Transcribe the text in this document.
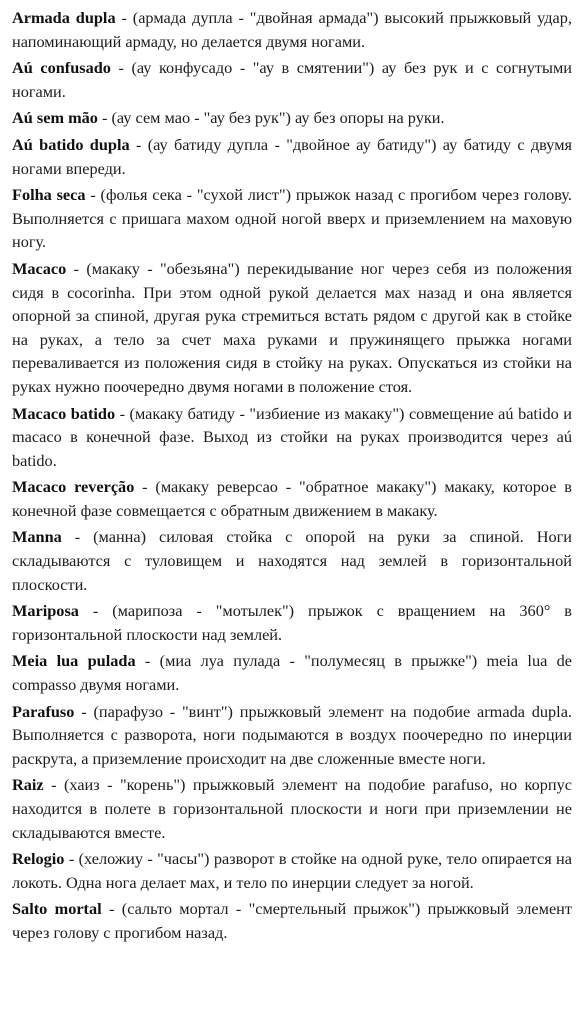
Armada dupla - (армада дупла - "двойная армада") высокий прыжковый удар, напоминающий армаду, но делается двумя ногами.

Aú confusado - (ау конфусадо - "ау в смятении") ау без рук и с согнутыми ногами.

Aú sem mão - (ау сем мао - "ау без рук") ау без опоры на руки.

Aú batido dupla - (ау батиду дупла - "двойное ау батиду") ау батиду с двумя ногами впереди.

Folha seca - (фолья сека - "сухой лист") прыжок назад с прогибом через голову. Выполняется с пришага махом одной ногой вверх и приземлением на маховую ногу.

Macaco - (макаку - "обезьяна") перекидывание ног через себя из положения сидя в cocorinha. При этом одной рукой делается мах назад и она является опорной за спиной, другая рука стремиться встать рядом с другой как в стойке на руках, а тело за счет маха руками и пружинящего прыжка ногами переваливается из положения сидя в стойку на руках. Опускаться из стойки на руках нужно поочередно двумя ногами в положение стоя.

Macaco batido - (макаку батиду - "избиение из макаку") совмещение aú batido и macaco в конечной фазе. Выход из стойки на руках производится через aú batido.

Macaco reverção - (макаку реверсао - "обратное макаку") макаку, которое в конечной фазе совмещается с обратным движением в макаку.

Manna - (манна) силовая стойка с опорой на руки за спиной. Ноги складываются с туловищем и находятся над землей в горизонтальной плоскости.

Mariposa - (марипоза - "мотылек") прыжок с вращением на 360° в горизонтальной плоскости над землей.

Meia lua pulada - (миа луа пулада - "полумесяц в прыжке") meia lua de compasso двумя ногами.

Parafuso - (парафузо - "винт") прыжковый элемент на подобие armada dupla. Выполняется с разворота, ноги подымаются в воздух поочередно по инерции раскрута, а приземление происходит на две сложенные вместе ноги.

Raiz - (хаиз - "корень") прыжковый элемент на подобие parafuso, но корпус находится в полете в горизонтальной плоскости и ноги при приземлении не складываются вместе.

Relogio - (хеложиу - "часы") разворот в стойке на одной руке, тело опирается на локоть. Одна нога делает мах, и тело по инерции следует за ногой.

Salto mortal - (сальто мортал - "смертельный прыжок") прыжковый элемент через голову с прогибом назад.
